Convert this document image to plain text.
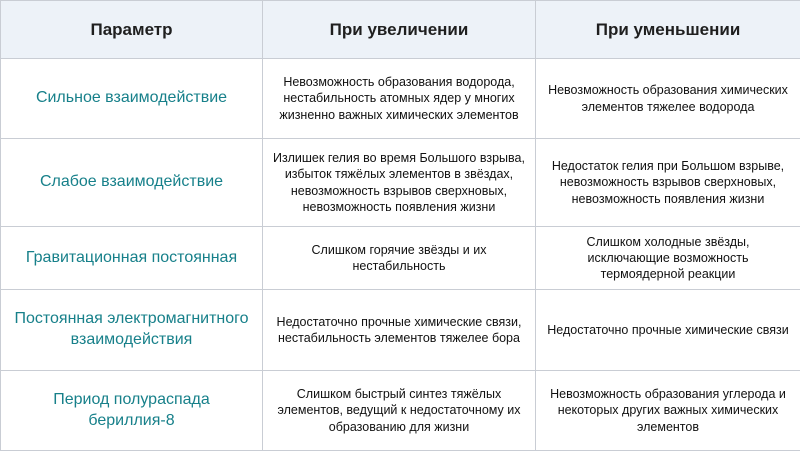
Параметр	При увеличении	При уменьшении
Сильное взаимодействие	Невозможность образования водорода, нестабильность атомных ядер у многих жизненно важных химических элементов	Невозможность образования химических элементов тяжелее водорода
Слабое взаимодействие	Излишек гелия во время Большого взрыва, избыток тяжёлых элементов в звёздах, невозможность взрывов сверхновых, невозможность появления жизни	Недостаток гелия при Большом взрыве, невозможность взрывов сверхновых, невозможность появления жизни
Гравитационная постоянная	Слишком горячие звёзды и их нестабильность	Слишком холодные звёзды, исключающие возможность термоядерной реакции
Постоянная электромагнитного взаимодействия	Недостаточно прочные химические связи, нестабильность элементов тяжелее бора	Недостаточно прочные химические связи
Период полураспада бериллия-8	Слишком быстрый синтез тяжёлых элементов, ведущий к недостаточному их образованию для жизни	Невозможность образования углерода и некоторых других важных химических элементов
